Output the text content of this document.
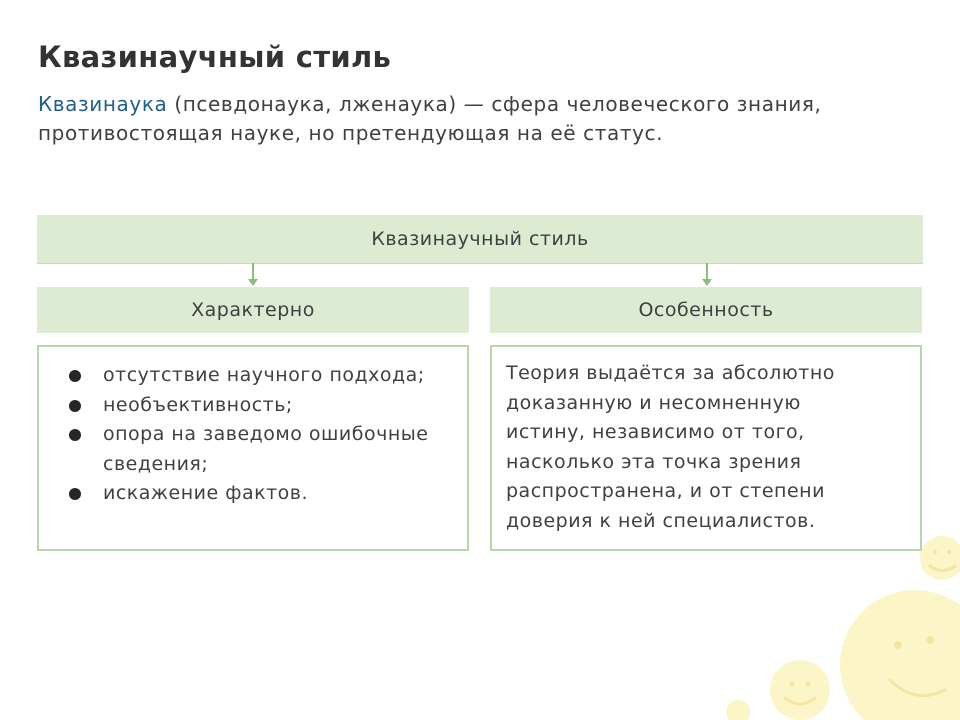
Квазинаучный стиль
Квазинаука (псевдонаука, лженаука) — сфера человеческого знания, противостоящая науке, но претендующая на её статус.
Квазинаучный стиль
Характерно	Особенность
отсутствие научного подхода;
необъективность;
опора на заведомо ошибочные сведения;
искажение фактов.
Теория выдаётся за абсолютно доказанную и несомненную истину, независимо от того, насколько эта точка зрения распространена, и от степени доверия к ней специалистов.
